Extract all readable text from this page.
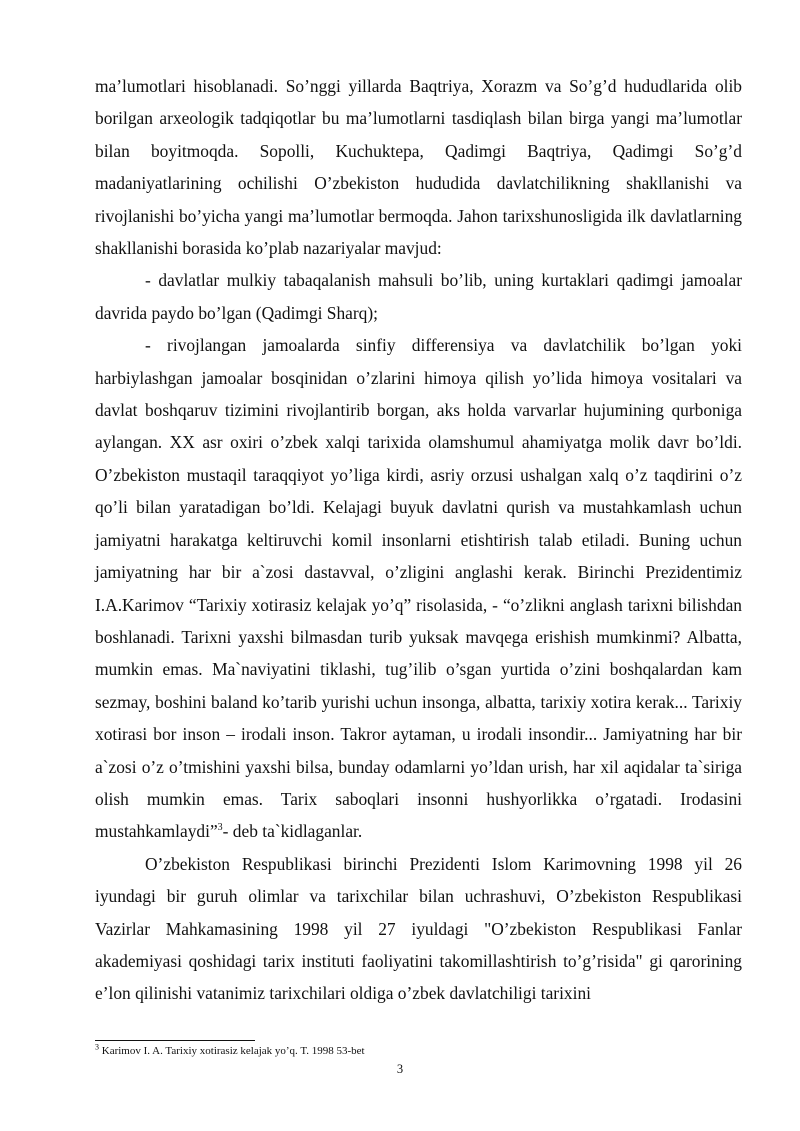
ma’lumotlari hisoblanadi. So’nggi yillarda Baqtriya, Xorazm va So’g’d hududlarida olib borilgan arxeologik tadqiqotlar bu ma’lumotlarni tasdiqlash bilan birga yangi ma’lumotlar bilan boyitmoqda. Sopolli, Kuchuktepa, Qadimgi Baqtriya, Qadimgi So’g’d madaniyatlarining ochilishi O’zbekiston hududida davlatchilikning shakllanishi va rivojlanishi bo’yicha yangi ma’lumotlar bermoqda. Jahon tarixshunosligida ilk davlatlarning shakllanishi borasida ko’plab nazariyalar mavjud:

- davlatlar mulkiy tabaqalanish mahsuli bo’lib, uning kurtaklari qadimgi jamoalar davrida paydo bo’lgan (Qadimgi Sharq);

- rivojlangan jamoalarda sinfiy differensiya va davlatchilik bo’lgan yoki harbiylashgan jamoalar bosqinidan o’zlarini himoya qilish yo’lida himoya vositalari va davlat boshqaruv tizimini rivojlantirib borgan, aks holda varvarlar hujumining qurboniga aylangan. XX asr oxiri o’zbek xalqi tarixida olamshumul ahamiyatga molik davr bo’ldi. O’zbekiston mustaqil taraqqiyot yo’liga kirdi, asriy orzusi ushalgan xalq o’z taqdirini o’z qo’li bilan yaratadigan bo’ldi. Kelajagi buyuk davlatni qurish va mustahkamlash uchun jamiyatni harakatga keltiruvchi komil insonlarni etishtirish talab etiladi. Buning uchun jamiyatning har bir a`zosi dastavval, o’zligini anglashi kerak. Birinchi Prezidentimiz I.A.Karimov “Tarixiy xotirasiz kelajak yo’q” risolasida, - “o’zlikni anglash tarixni bilishdan boshlanadi. Tarixni yaxshi bilmasdan turib yuksak mavqega erishish mumkinmi? Albatta, mumkin emas. Ma`naviyatini tiklashi, tug’ilib o’sgan yurtida o’zini boshqalardan kam sezmay, boshini baland ko’tarib yurishi uchun insonga, albatta, tarixiy xotira kerak... Tarixiy xotirasi bor inson – irodali inson. Takror aytaman, u irodali insondir... Jamiyatning har bir a`zosi o’z o’tmishini yaxshi bilsa, bunday odamlarni yo’ldan urish, har xil aqidalar ta`siriga olish mumkin emas. Tarix saboqlari insonni hushyorlikka o’rgatadi. Irodasini mustahkamlaydi”$^3$- deb ta`kidlaganlar.

O’zbekiston Respublikasi birinchi Prezidenti Islom Karimovning 1998 yil 26 iyundagi bir guruh olimlar va tarixchilar bilan uchrashuvi, O’zbekiston Respublikasi Vazirlar Mahkamasining 1998 yil 27 iyuldagi "O’zbekiston Respublikasi Fanlar akademiyasi qoshidagi tarix instituti faoliyatini takomillashtirish to’g’risida" gi qarorining e’lon qilinishi vatanimiz tarixchilari oldiga o’zbek davlatchiligi tarixini

$^3$ Karimov I. A. Tarixiy xotirasiz kelajak yo’q. T. 1998 53-bet
3
